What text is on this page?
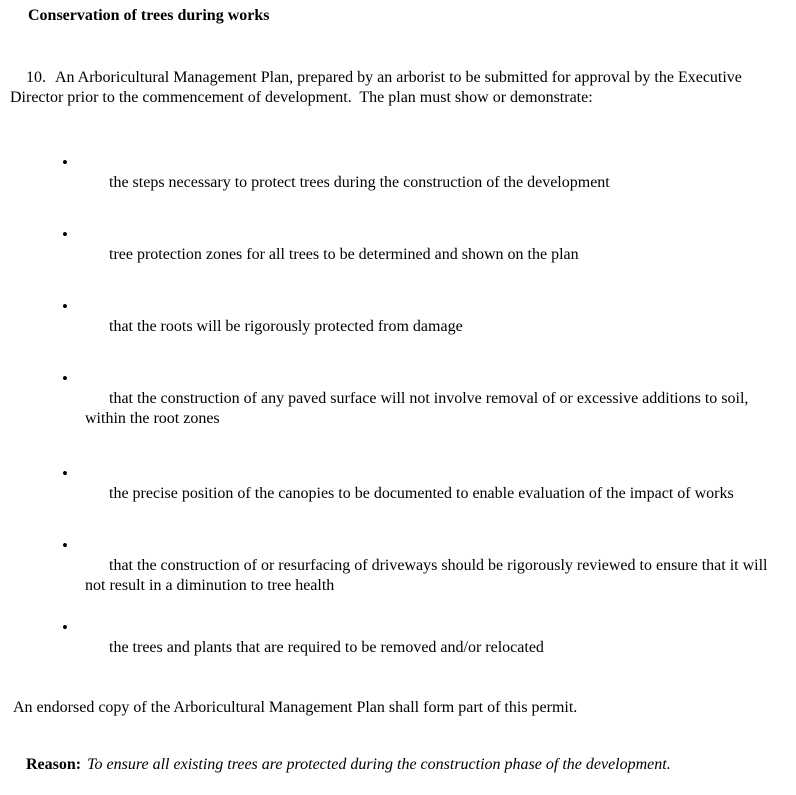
Conservation of trees during works

10. An Arboricultural Management Plan, prepared by an arborist to be submitted for approval by the Executive Director prior to the commencement of development.  The plan must show or demonstrate:

• the steps necessary to protect trees during the construction of the development

• tree protection zones for all trees to be determined and shown on the plan

• that the roots will be rigorously protected from damage

• that the construction of any paved surface will not involve removal of or excessive additions to soil, within the root zones

• the precise position of the canopies to be documented to enable evaluation of the impact of works

• that the construction of or resurfacing of driveways should be rigorously reviewed to ensure that it will not result in a diminution to tree health

• the trees and plants that are required to be removed and/or relocated

An endorsed copy of the Arboricultural Management Plan shall form part of this permit.

Reason: To ensure all existing trees are protected during the construction phase of the development.
